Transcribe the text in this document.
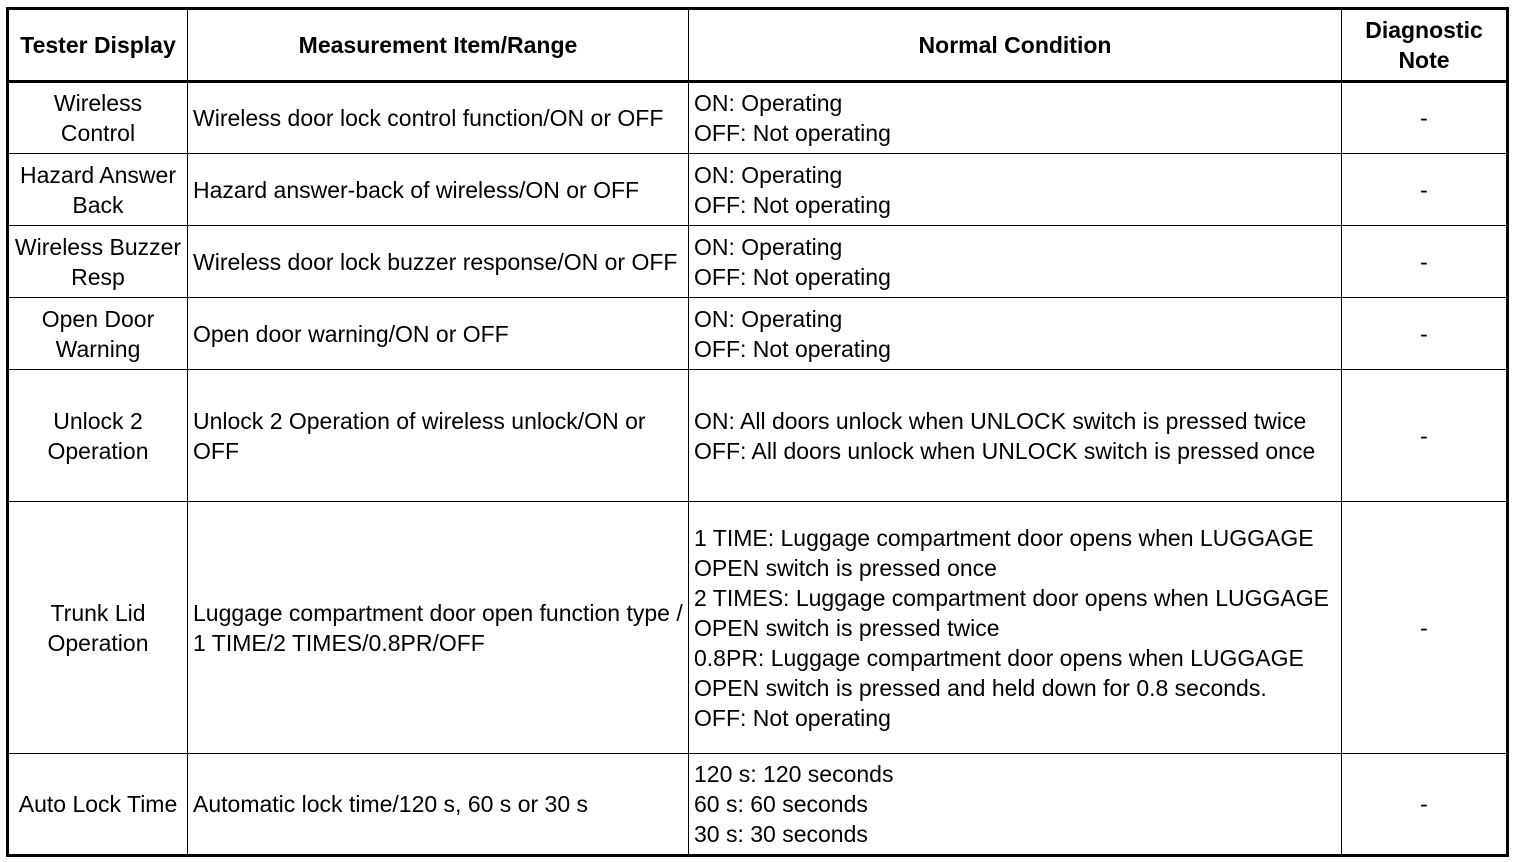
Tester Display	Measurement Item/Range	Normal Condition	Diagnostic Note
Wireless Control	Wireless door lock control function/ON or OFF	ON: Operating
OFF: Not operating	-
Hazard Answer Back	Hazard answer-back of wireless/ON or OFF	ON: Operating
OFF: Not operating	-
Wireless Buzzer Resp	Wireless door lock buzzer response/ON or OFF	ON: Operating
OFF: Not operating	-
Open Door Warning	Open door warning/ON or OFF	ON: Operating
OFF: Not operating	-
Unlock 2 Operation	Unlock 2 Operation of wireless unlock/ON or OFF	ON: All doors unlock when UNLOCK switch is pressed twice
OFF: All doors unlock when UNLOCK switch is pressed once	-
Trunk Lid Operation	Luggage compartment door open function type / 1 TIME/2 TIMES/0.8PR/OFF	1 TIME: Luggage compartment door opens when LUGGAGE OPEN switch is pressed once
2 TIMES: Luggage compartment door opens when LUGGAGE OPEN switch is pressed twice
0.8PR: Luggage compartment door opens when LUGGAGE OPEN switch is pressed and held down for 0.8 seconds.
OFF: Not operating	-
Auto Lock Time	Automatic lock time/120 s, 60 s or 30 s	120 s: 120 seconds
60 s: 60 seconds
30 s: 30 seconds	-
